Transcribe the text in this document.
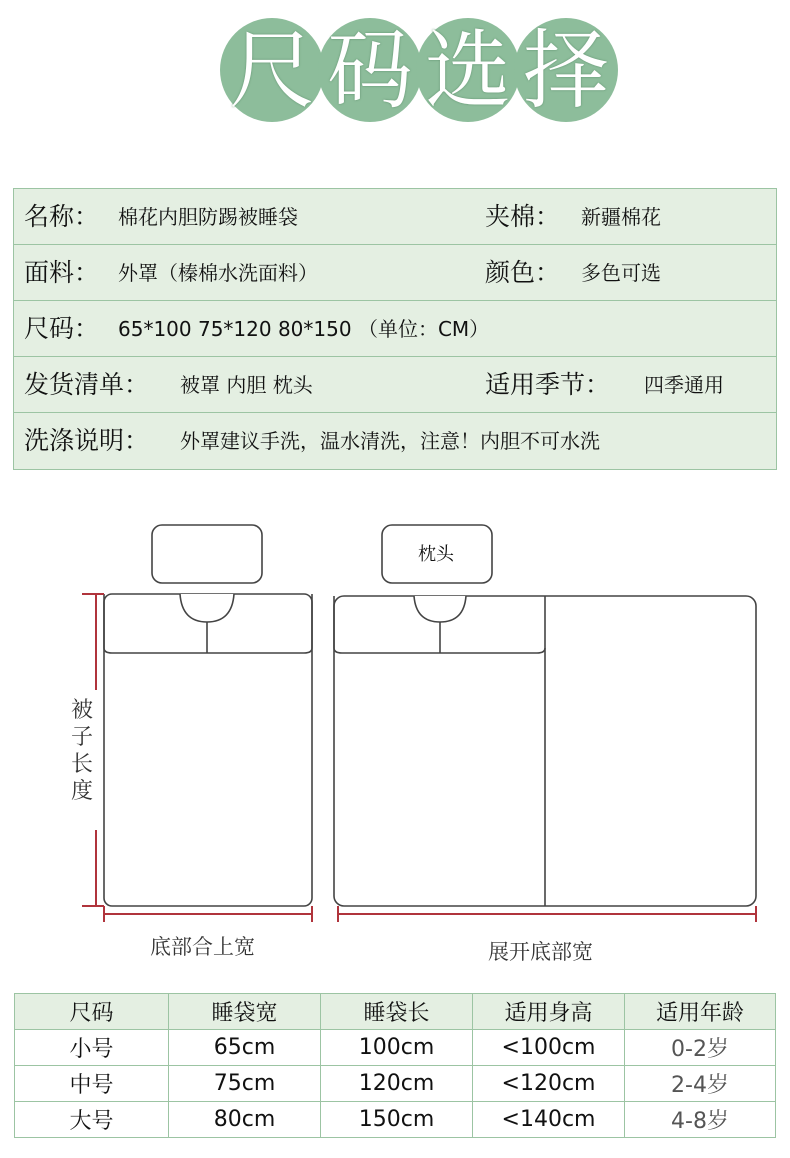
尺 码 选 择
名称： 棉花内胆防踢被睡袋	夹棉： 新疆棉花
面料： 外罩（榛棉水洗面料）	颜色： 多色可选
尺码： 65*100 75*120 80*150 （单位：CM）
发货清单： 被罩 内胆 枕头	适用季节： 四季通用
洗涤说明： 外罩建议手洗，温水清洗，注意！内胆不可水洗
枕头
被子长度
底部合上宽	展开底部宽
尺码	睡袋宽	睡袋长	适用身高	适用年龄
小号	65cm	100cm	<100cm	0-2岁
中号	75cm	120cm	<120cm	2-4岁
大号	80cm	150cm	<140cm	4-8岁
